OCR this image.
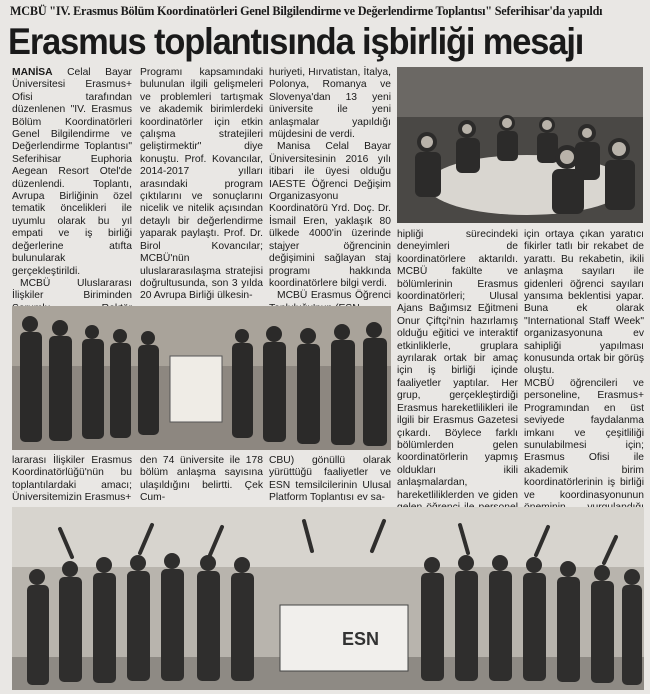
MCBÜ "IV. Erasmus Bölüm Koordinatörleri Genel Bilgilendirme ve Değerlendirme Toplantısı" Seferihisar'da yapıldı
Erasmus toplantısında işbirliği mesajı

MANİSA Celal Bayar Üniversitesi Erasmus+ Ofisi tarafından düzenlenen "IV. Erasmus Bölüm Koordinatörleri Genel Bilgilendirme ve Değerlendirme Toplantısı" Seferihisar Euphoria Aegean Resort Otel'de düzenlendi. Toplantı, Avrupa Birliğinin özel tematik öncelikleri ile uyumlu olarak bu yıl empati ve iş birliği değerlerine atıfta bulunularak gerçekleştirildi.

MCBÜ Uluslararası İlişkiler Biriminden

Programı kapsamındaki bulunulan ilgili gelişmeleri ve problemleri tartışmak ve akademik birimlerdeki koordinatörler için etkin çalışma stratejileri geliştirmektir" diye konuştu. Prof. Kovancılar, 2014-2017 yılları arasındaki program çıktılarını ve sonuçlarını nicelik ve nitelik açısından detaylı bir değerlendirme yaparak paylaştı. Prof. Dr. Birol Kovancılar; MCBÜ'nün uluslararasılaşma stratejisi doğrultusunda, son 3 yılda 20 Avrupa Birliği ülkesin-

huriyeti, Hırvatistan, İtalya, Polonya, Romanya ve Slovenya'dan 13 yeni üniversite ile yeni anlaşmalar yapıldığı müjdesini de verdi.

Manisa Celal Bayar Üniversitesinin 2016 yılı itibari ile üyesi olduğu IAESTE Öğrenci Değişim Organizasyonu Koordinatörü Yrd. Doç. Dr. İsmail Eren, yaklaşık 80 ülkede 4000'in üzerinde stajyer öğrencinin değişimini sağlayan staj programı hakkında koordinatörlere bilgi verdi.

MCBÜ Erasmus Öğrenci

hipliği sürecindeki deneyimleri de koordinatörlere aktarıldı. MCBÜ fakülte ve bölümlerinin Erasmus koordinatörleri; Ulusal Ajans Bağımsız Eğitmeni Onur Çiftçi'nin hazırlamış olduğu eğitici ve interaktif etkinliklerle, gruplara ayrılarak ortak bir amaç için iş birliği içinde faaliyetler yaptılar. Her grup, gerçekleştirdiği Erasmus hareketlilikleri ile ilgili bir Erasmus Gazetesi çıkardı. Böylece farklı bölümlerden gelen koordinatörlerin yapmış oldukları ikili anlaşmalardan, hareketliliklerden ve giden

için ortaya çıkan yaratıcı fikirler tatlı bir rekabet de yarattı. Bu rekabetin, ikili anlaşma sayıları ile gidenleri öğrenci sayıları yansıma beklentisi yapar. Buna ek olarak "International Staff Week" organizasyonuna ev sahipliği yapılması konusunda ortak bir görüş oluştu.
MCBÜ öğrencileri ve personeline, Erasmus+ Programından en üst seviyede faydalanma imkanı ve çeşitliliği sunulabilmesi için; Erasmus Ofisi ile akademik birim koordinatörlerinin iş birliği ve koordinasyonunun

lararası İlişkiler Erasmus Koordinatörlüğü'nün bu toplantılardaki amacı; Üniversitemizin Erasmus+

den 74 üniversite ile 178 bölüm anlaşma sayısına ulaşıldığını belirtti. Çek Cum-

CBU) gönüllü olarak yürüttüğü faaliyetler ve ESN temsilcilerinin Ulusal Platform Toplantısı ev sa-

ESN
